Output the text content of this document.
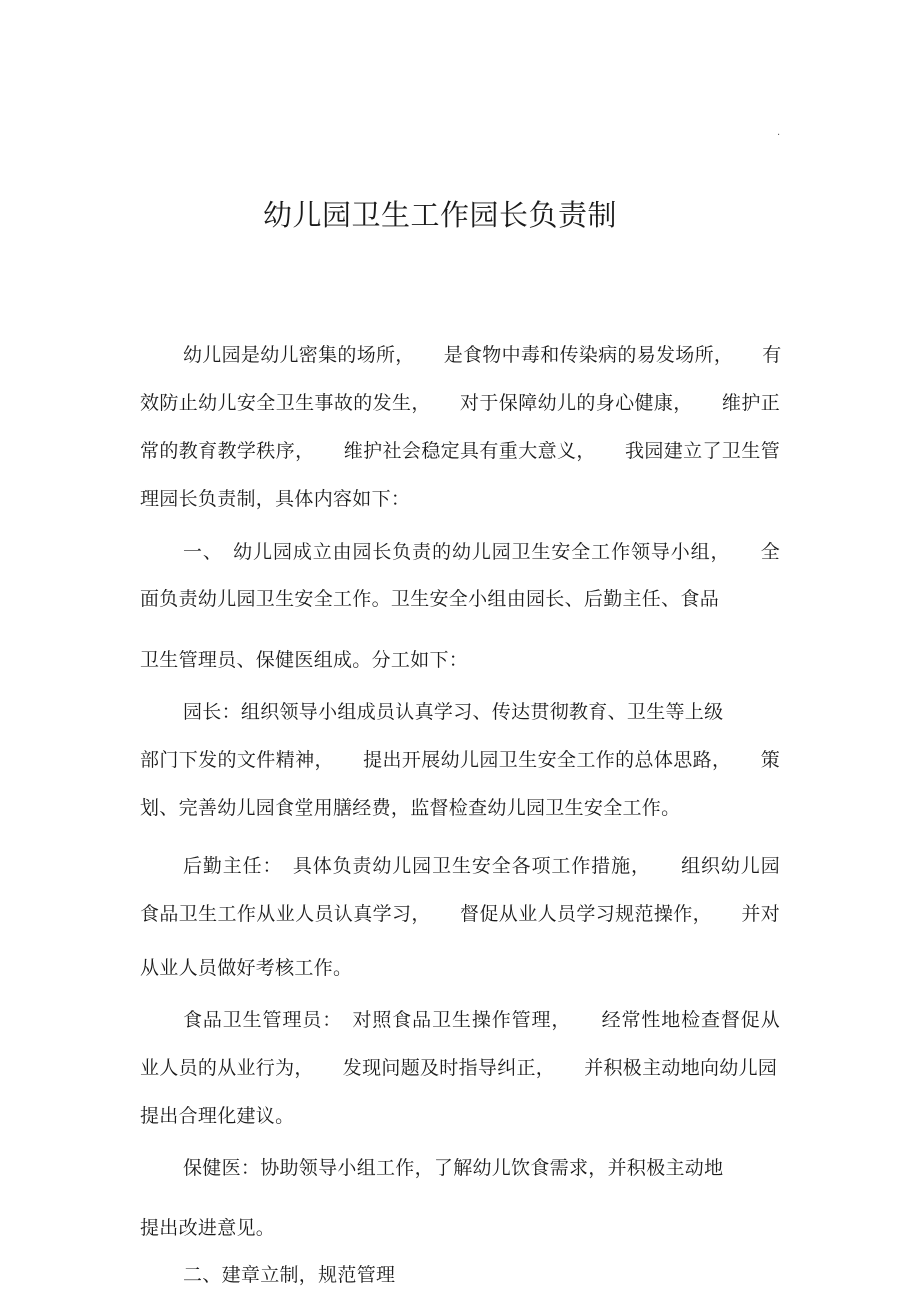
.
幼儿园卫生工作园长负责制
幼儿园是幼儿密集的场所，　　是食物中毒和传染病的易发场所，　　有
效防止幼儿安全卫生事故的发生，　　对于保障幼儿的身心健康，　　维护正
常的教育教学秩序，　　维护社会稳定具有重大意义，　　我园建立了卫生管
理园长负责制，具体内容如下：
一、　幼儿园成立由园长负责的幼儿园卫生安全工作领导小组，　　全
面负责幼儿园卫生安全工作。卫生安全小组由园长、后勤主任、食品
卫生管理员、保健医组成。分工如下：
园长：组织领导小组成员认真学习、传达贯彻教育、卫生等上级
部门下发的文件精神，　　提出开展幼儿园卫生安全工作的总体思路，　　策
划、完善幼儿园食堂用膳经费，监督检查幼儿园卫生安全工作。
后勤主任：　具体负责幼儿园卫生安全各项工作措施，　　组织幼儿园
食品卫生工作从业人员认真学习，　　督促从业人员学习规范操作，　　并对
从业人员做好考核工作。
食品卫生管理员：　对照食品卫生操作管理，　　经常性地检查督促从
业人员的从业行为，　　发现问题及时指导纠正，　　并积极主动地向幼儿园
提出合理化建议。
保健医：协助领导小组工作，了解幼儿饮食需求，并积极主动地
提出改进意见。
二、建章立制，规范管理
